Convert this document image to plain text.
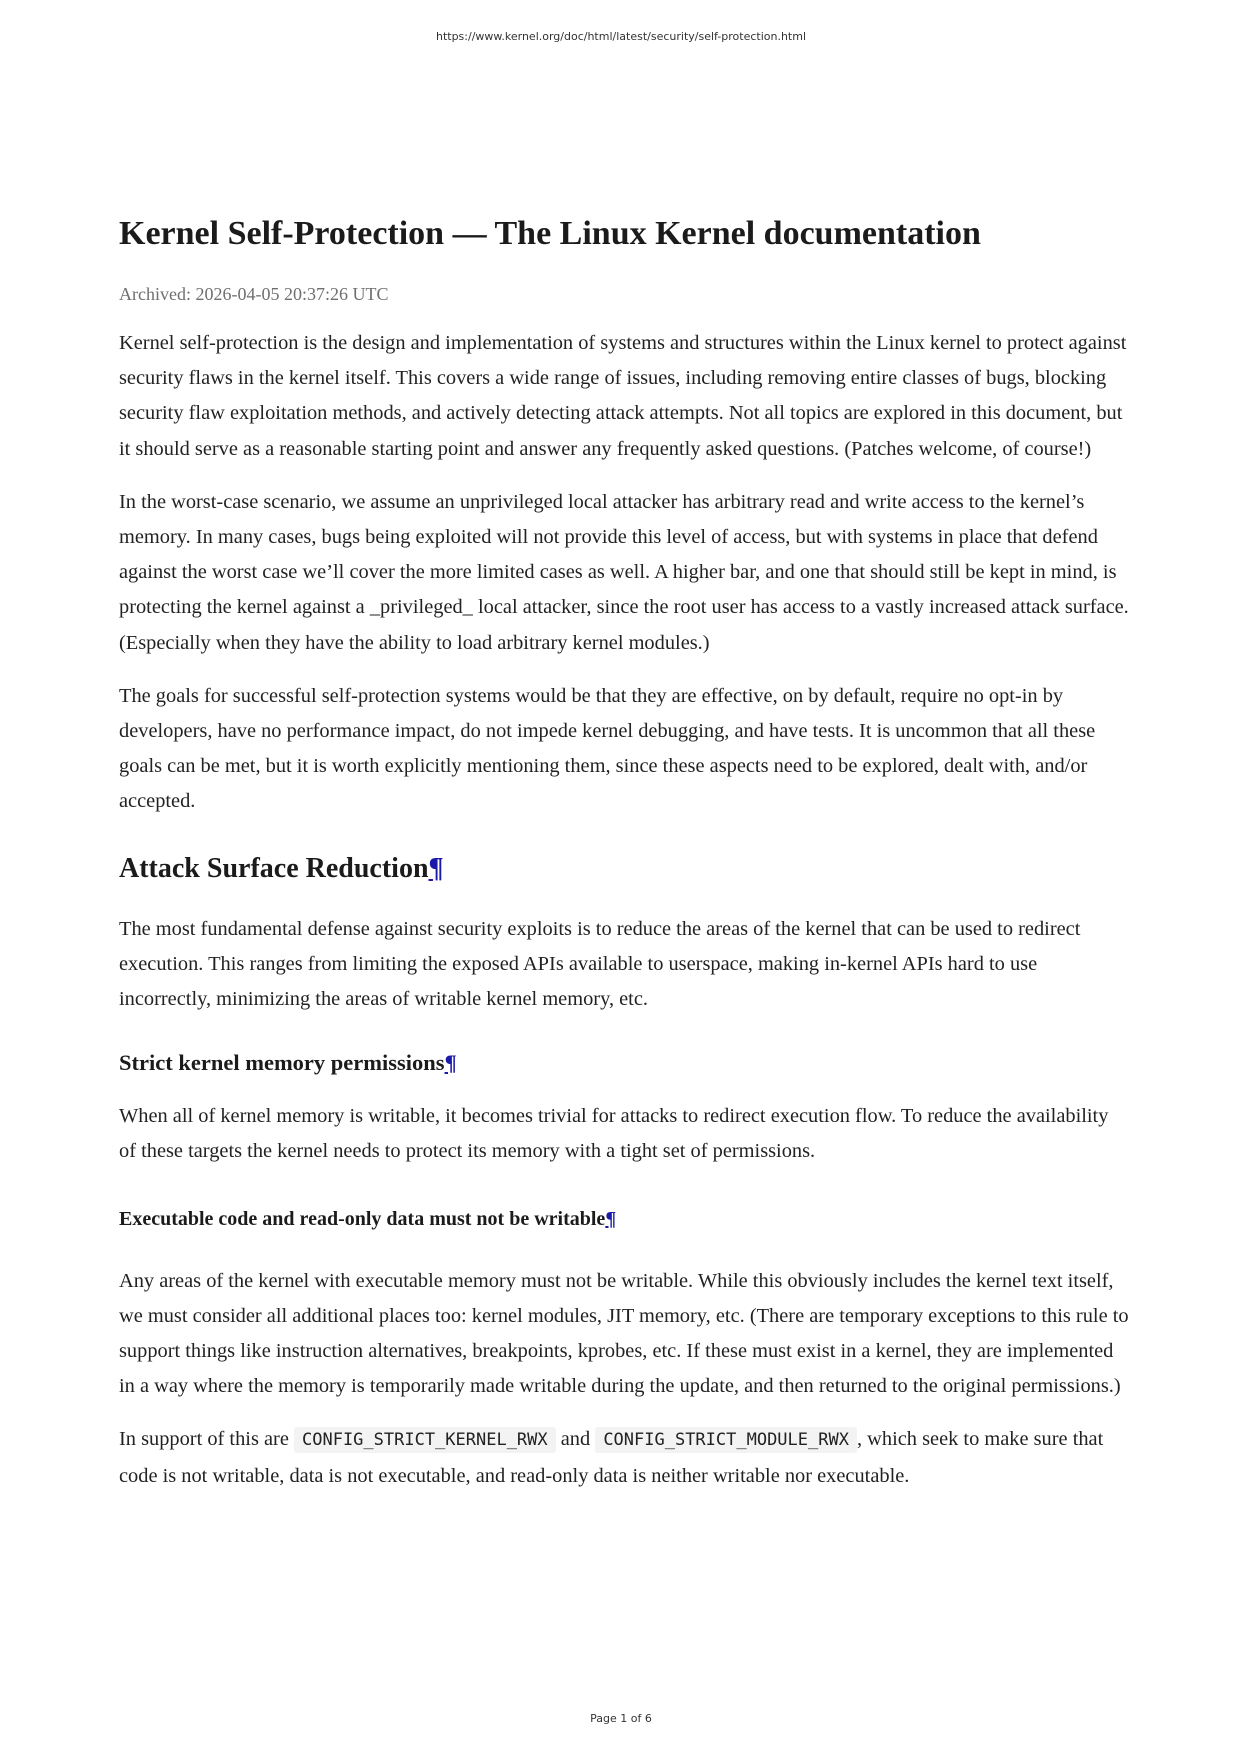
https://www.kernel.org/doc/html/latest/security/self-protection.html
Kernel Self-Protection — The Linux Kernel documentation
Archived: 2026-04-05 20:37:26 UTC

Kernel self-protection is the design and implementation of systems and structures within the Linux kernel to protect against security flaws in the kernel itself. This covers a wide range of issues, including removing entire classes of bugs, blocking security flaw exploitation methods, and actively detecting attack attempts. Not all topics are explored in this document, but it should serve as a reasonable starting point and answer any frequently asked questions. (Patches welcome, of course!)

In the worst-case scenario, we assume an unprivileged local attacker has arbitrary read and write access to the kernel’s memory. In many cases, bugs being exploited will not provide this level of access, but with systems in place that defend against the worst case we’ll cover the more limited cases as well. A higher bar, and one that should still be kept in mind, is protecting the kernel against a _privileged_ local attacker, since the root user has access to a vastly increased attack surface. (Especially when they have the ability to load arbitrary kernel modules.)

The goals for successful self-protection systems would be that they are effective, on by default, require no opt-in by developers, have no performance impact, do not impede kernel debugging, and have tests. It is uncommon that all these goals can be met, but it is worth explicitly mentioning them, since these aspects need to be explored, dealt with, and/or accepted.

Attack Surface Reduction¶

The most fundamental defense against security exploits is to reduce the areas of the kernel that can be used to redirect execution. This ranges from limiting the exposed APIs available to userspace, making in-kernel APIs hard to use incorrectly, minimizing the areas of writable kernel memory, etc.

Strict kernel memory permissions¶

When all of kernel memory is writable, it becomes trivial for attacks to redirect execution flow. To reduce the availability of these targets the kernel needs to protect its memory with a tight set of permissions.

Executable code and read-only data must not be writable¶

Any areas of the kernel with executable memory must not be writable. While this obviously includes the kernel text itself, we must consider all additional places too: kernel modules, JIT memory, etc. (There are temporary exceptions to this rule to support things like instruction alternatives, breakpoints, kprobes, etc. If these must exist in a kernel, they are implemented in a way where the memory is temporarily made writable during the update, and then returned to the original permissions.)

In support of this are CONFIG_STRICT_KERNEL_RWX and CONFIG_STRICT_MODULE_RWX , which seek to make sure that code is not writable, data is not executable, and read-only data is neither writable nor executable.

Page 1 of 6
